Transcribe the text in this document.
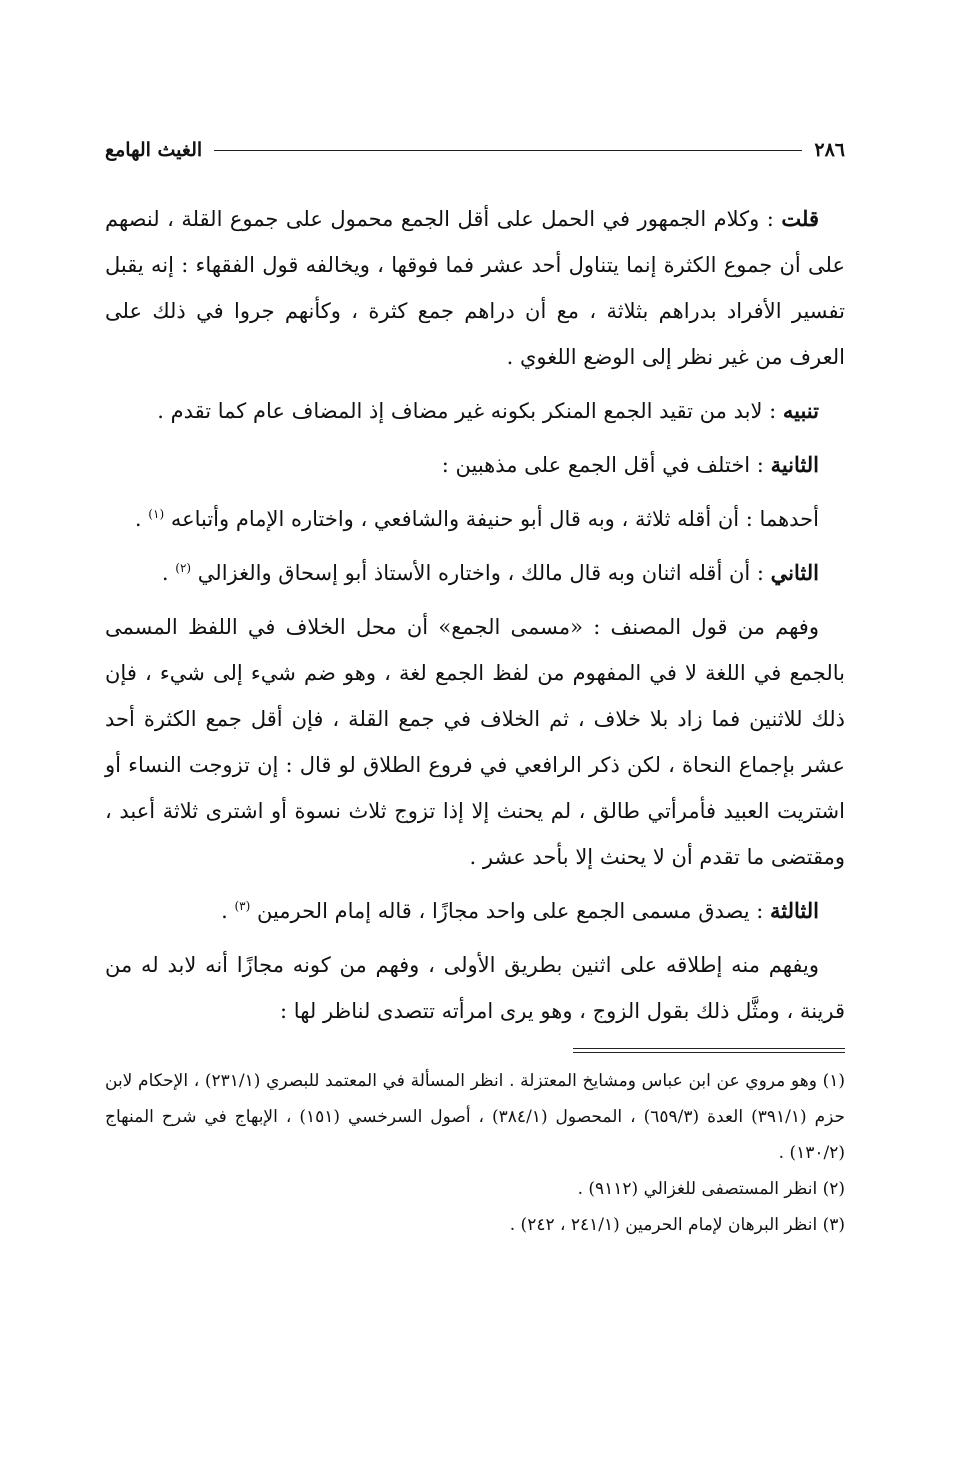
٢٨٦
الغيث الهامع

قلت : وكلام الجمهور في الحمل على أقل الجمع محمول على جموع القلة ، لنصهم على أن جموع الكثرة إنما يتناول أحد عشر فما فوقها ، ويخالفه قول الفقهاء : إنه يقبل تفسير الأفراد بدراهم بثلاثة ، مع أن دراهم جمع كثرة ، وكأنهم جروا في ذلك على العرف من غير نظر إلى الوضع اللغوي .

تنبيه : لابد من تقيد الجمع المنكر بكونه غير مضاف إذ المضاف عام كما تقدم .

الثانية : اختلف في أقل الجمع على مذهبين :

أحدهما : أن أقله ثلاثة ، وبه قال أبو حنيفة والشافعي ، واختاره الإمام وأتباعه $^{(١)}$ .

الثاني : أن أقله اثنان وبه قال مالك ، واختاره الأستاذ أبو إسحاق والغزالي $^{(٢)}$ .

وفهم من قول المصنف : «مسمى الجمع» أن محل الخلاف في اللفظ المسمى بالجمع في اللغة لا في المفهوم من لفظ الجمع لغة ، وهو ضم شيء إلى شيء ، فإن ذلك للاثنين فما زاد بلا خلاف ، ثم الخلاف في جمع القلة ، فإن أقل جمع الكثرة أحد عشر بإجماع النحاة ، لكن ذكر الرافعي في فروع الطلاق لو قال : إن تزوجت النساء أو اشتريت العبيد فأمرأتي طالق ، لم يحنث إلا إذا تزوج ثلاث نسوة أو اشترى ثلاثة أعبد ، ومقتضى ما تقدم أن لا يحنث إلا بأحد عشر .

الثالثة : يصدق مسمى الجمع على واحد مجازًا ، قاله إمام الحرمين $^{(٣)}$ .

ويفهم منه إطلاقه على اثنين بطريق الأولى ، وفهم من كونه مجازًا أنه لابد له من قرينة ، ومثَّل ذلك بقول الزوج ، وهو يرى امرأته تتصدى لناظر لها :

(١) وهو مروي عن ابن عباس ومشايخ المعتزلة . انظر المسألة في المعتمد للبصري (٢٣١/١) ، الإحكام لابن حزم (٣٩١/١) العدة (٦٥٩/٣) ، المحصول (٣٨٤/١) ، أصول السرخسي (١٥١) ، الإبهاج في شرح المنهاج (١٣٠/٢) .

(٢) انظر المستصفى للغزالي (٩١١٢) .

(٣) انظر البرهان لإمام الحرمين (٢٤١/١ ، ٢٤٢) .
